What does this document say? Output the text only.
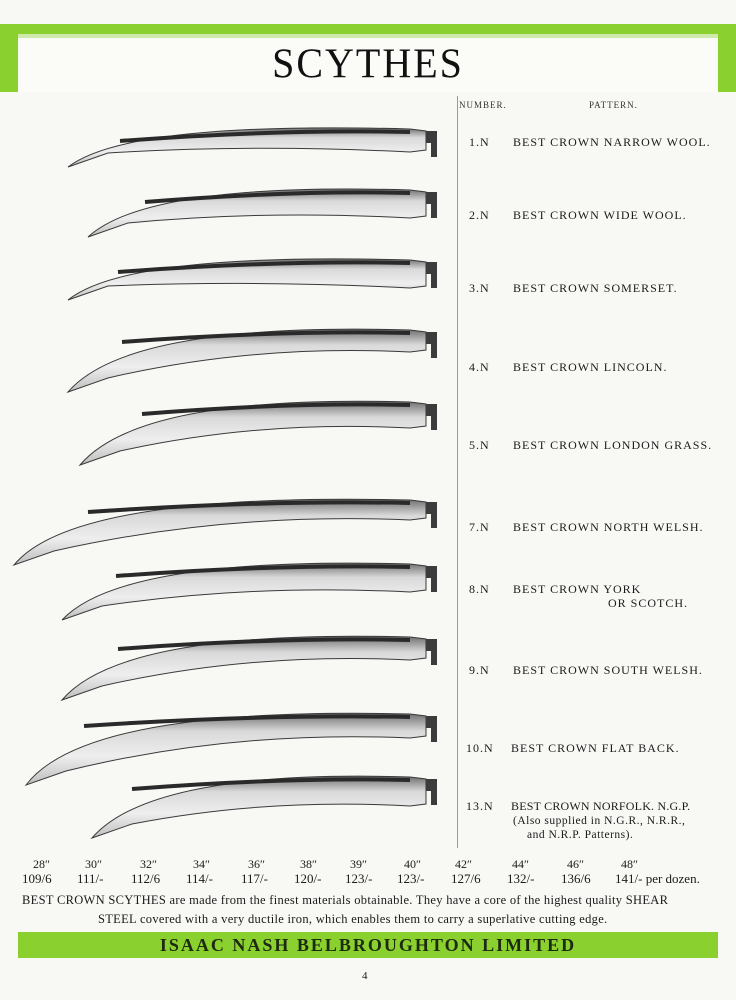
SCYTHES
NUMBER.	PATTERN.
1.N BEST CROWN NARROW WOOL.
2.N BEST CROWN WIDE WOOL.
3.N BEST CROWN SOMERSET.
4.N BEST CROWN LINCOLN.
5.N BEST CROWN LONDON GRASS.
7.N BEST CROWN NORTH WELSH.
8.N BEST CROWN YORK
OR SCOTCH.
9.N BEST CROWN SOUTH WELSH.
10.N BEST CROWN FLAT BACK.
13.N BEST CROWN NORFOLK. N.G.P.
(Also supplied in N.G.R., N.R.R.,
and N.R.P. Patterns).
28″	30″	32″	34″	36″	38″	39″	40″	42″	44″	46″	48″
109/6 111/- 112/6 114/- 117/- 120/- 123/- 123/- 127/6 132/- 136/6 141/- per dozen.
BEST CROWN SCYTHES are made from the finest materials obtainable. They have a core of the highest quality SHEAR
STEEL covered with a very ductile iron, which enables them to carry a superlative cutting edge.
ISAAC NASH BELBROUGHTON LIMITED
4
